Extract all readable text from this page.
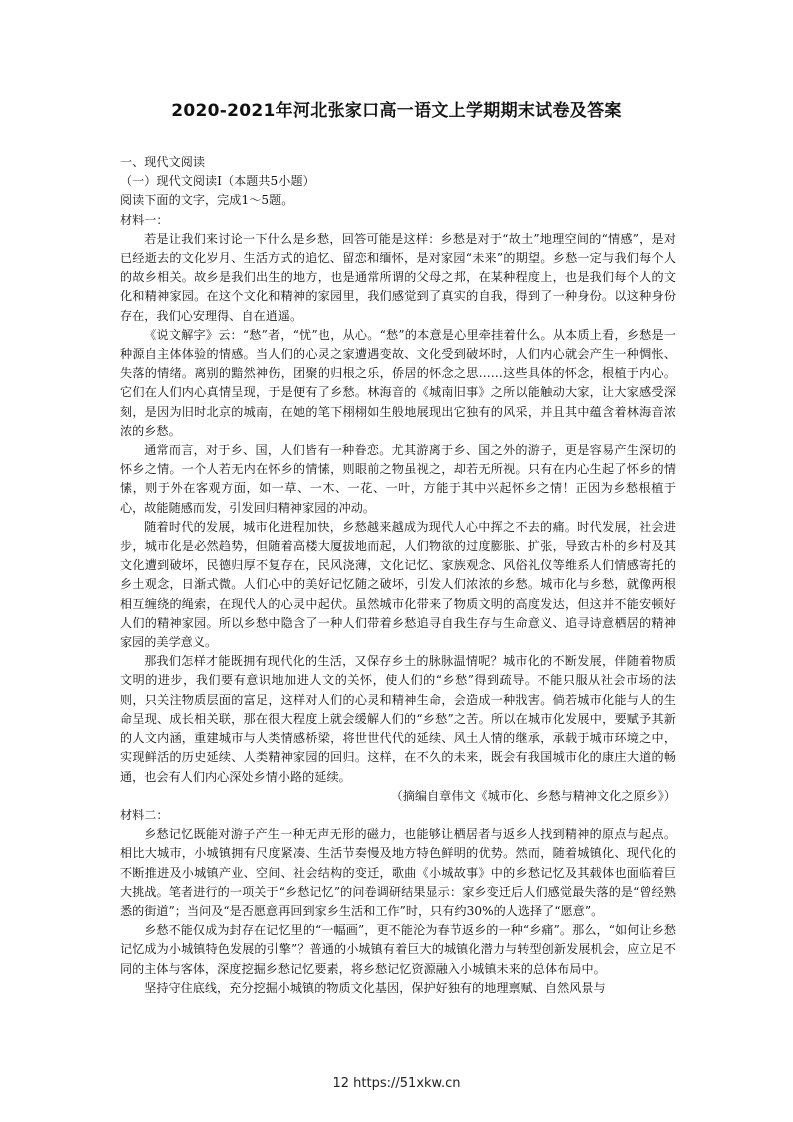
2020-2021年河北张家口高一语文上学期期末试卷及答案

一、现代文阅读

（一）现代文阅读Ⅰ（本题共5小题）

阅读下面的文字，完成1～5题。

材料一：

若是让我们来讨论一下什么是乡愁，回答可能是这样：乡愁是对于“故土”地理空间的“情感”，是对已经逝去的文化岁月、生活方式的追忆、留恋和缅怀，是对家园“未来”的期望。乡愁一定与我们每个人的故乡相关。故乡是我们出生的地方，也是通常所谓的父母之邦，在某种程度上，也是我们每个人的文化和精神家园。在这个文化和精神的家园里，我们感觉到了真实的自我，得到了一种身份。以这种身份存在，我们心安理得、自在逍遥。

《说文解字》云：“愁”者，“忧”也，从心。“愁”的本意是心里牵挂着什么。从本质上看，乡愁是一种源自主体体验的情感。当人们的心灵之家遭遇变故、文化受到破坏时，人们内心就会产生一种惆怅、失落的情绪。离别的黯然神伤，团聚的归根之乐，侨居的怀念之思……这些具体的怀念，根植于内心。它们在人们内心真情呈现，于是便有了乡愁。林海音的《城南旧事》之所以能触动大家，让大家感受深刻，是因为旧时北京的城南，在她的笔下栩栩如生般地展现出它独有的风采，并且其中蕴含着林海音浓浓的乡愁。

通常而言，对于乡、国，人们皆有一种眷恋。尤其游离于乡、国之外的游子，更是容易产生深切的怀乡之情。一个人若无内在怀乡的情愫，则眼前之物虽视之，却若无所视。只有在内心生起了怀乡的情愫，则于外在客观方面，如一草、一木、一花、一叶，方能于其中兴起怀乡之情！正因为乡愁根植于心，故能随感而发，引发回归精神家园的冲动。

随着时代的发展，城市化进程加快，乡愁越来越成为现代人心中挥之不去的痛。时代发展，社会进步，城市化是必然趋势，但随着高楼大厦拔地而起，人们物欲的过度膨胀、扩张，导致古朴的乡村及其文化遭到破坏，民德归厚不复存在，民风浇薄，文化记忆、家族观念、风俗礼仪等维系人们情感寄托的乡土观念，日渐式微。人们心中的美好记忆随之破坏，引发人们浓浓的乡愁。城市化与乡愁，就像两根相互缠绕的绳索，在现代人的心灵中起伏。虽然城市化带来了物质文明的高度发达，但这并不能安顿好人们的精神家园。所以乡愁中隐含了一种人们带着乡愁追寻自我生存与生命意义、追寻诗意栖居的精神家园的美学意义。

那我们怎样才能既拥有现代化的生活，又保存乡土的脉脉温情呢？城市化的不断发展，伴随着物质文明的进步，我们要有意识地加进人文的关怀，使人们的“乡愁”得到疏导。不能只服从社会市场的法则，只关注物质层面的富足，这样对人们的心灵和精神生命，会造成一种戕害。倘若城市化能与人的生命呈现、成长相关联，那在很大程度上就会缓解人们的“乡愁”之苦。所以在城市化发展中，要赋予其新的人文内涵，重建城市与人类情感桥梁，将世世代代的延续、风土人情的继承，承载于城市环境之中，实现鲜活的历史延续、人类精神家园的回归。这样，在不久的未来，既会有我国城市化的康庄大道的畅通，也会有人们内心深处乡情小路的延续。

（摘编自章伟文《城市化、乡愁与精神文化之原乡》）

材料二：

乡愁记忆既能对游子产生一种无声无形的磁力，也能够让栖居者与返乡人找到精神的原点与起点。相比大城市，小城镇拥有尺度紧凑、生活节奏慢及地方特色鲜明的优势。然而，随着城镇化、现代化的不断推进及小城镇产业、空间、社会结构的变迁，歌曲《小城故事》中的乡愁记忆及其载体也面临着巨大挑战。笔者进行的一项关于“乡愁记忆”的问卷调研结果显示：家乡变迁后人们感觉最失落的是“曾经熟悉的街道”；当问及“是否愿意再回到家乡生活和工作”时，只有约30%的人选择了“愿意”。

乡愁不能仅成为封存在记忆里的“一幅画”，更不能沦为春节返乡的一种“乡痛”。那么，“如何让乡愁记忆成为小城镇特色发展的引擎”？普通的小城镇有着巨大的城镇化潜力与转型创新发展机会，应立足不同的主体与客体，深度挖掘乡愁记忆要素，将乡愁记忆资源融入小城镇未来的总体布局中。

坚持守住底线，充分挖掘小城镇的物质文化基因，保护好独有的地理禀赋、自然风景与

12 https://51xkw.cn
